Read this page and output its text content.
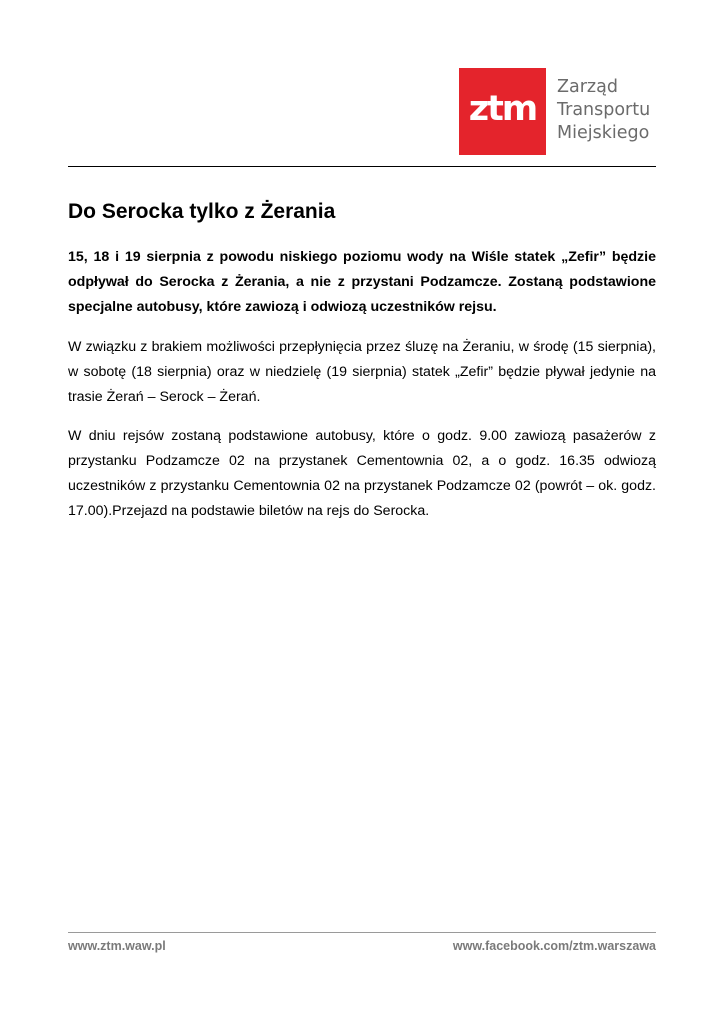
ztm
Zarząd
Transportu
Miejskiego
Do Serocka tylko z Żerania

15, 18 i 19 sierpnia z powodu niskiego poziomu wody na Wiśle statek „Zefir” będzie odpływał do Serocka z Żerania, a nie z przystani Podzamcze. Zostaną podstawione specjalne autobusy, które zawiozą i odwiozą uczestników rejsu.

W związku z brakiem możliwości przepłynięcia przez śluzę na Żeraniu, w środę (15 sierpnia), w sobotę (18 sierpnia) oraz w niedzielę (19 sierpnia) statek „Zefir” będzie pływał jedynie na trasie Żerań – Serock – Żerań.

W dniu rejsów zostaną podstawione autobusy, które o godz. 9.00 zawiozą pasażerów z przystanku Podzamcze 02 na przystanek Cementownia 02, a o godz. 16.35 odwiozą uczestników z przystanku Cementownia 02 na przystanek Podzamcze 02 (powrót – ok. godz. 17.00).Przejazd na podstawie biletów na rejs do Serocka.

www.ztm.waw.pl	www.facebook.com/ztm.warszawa
